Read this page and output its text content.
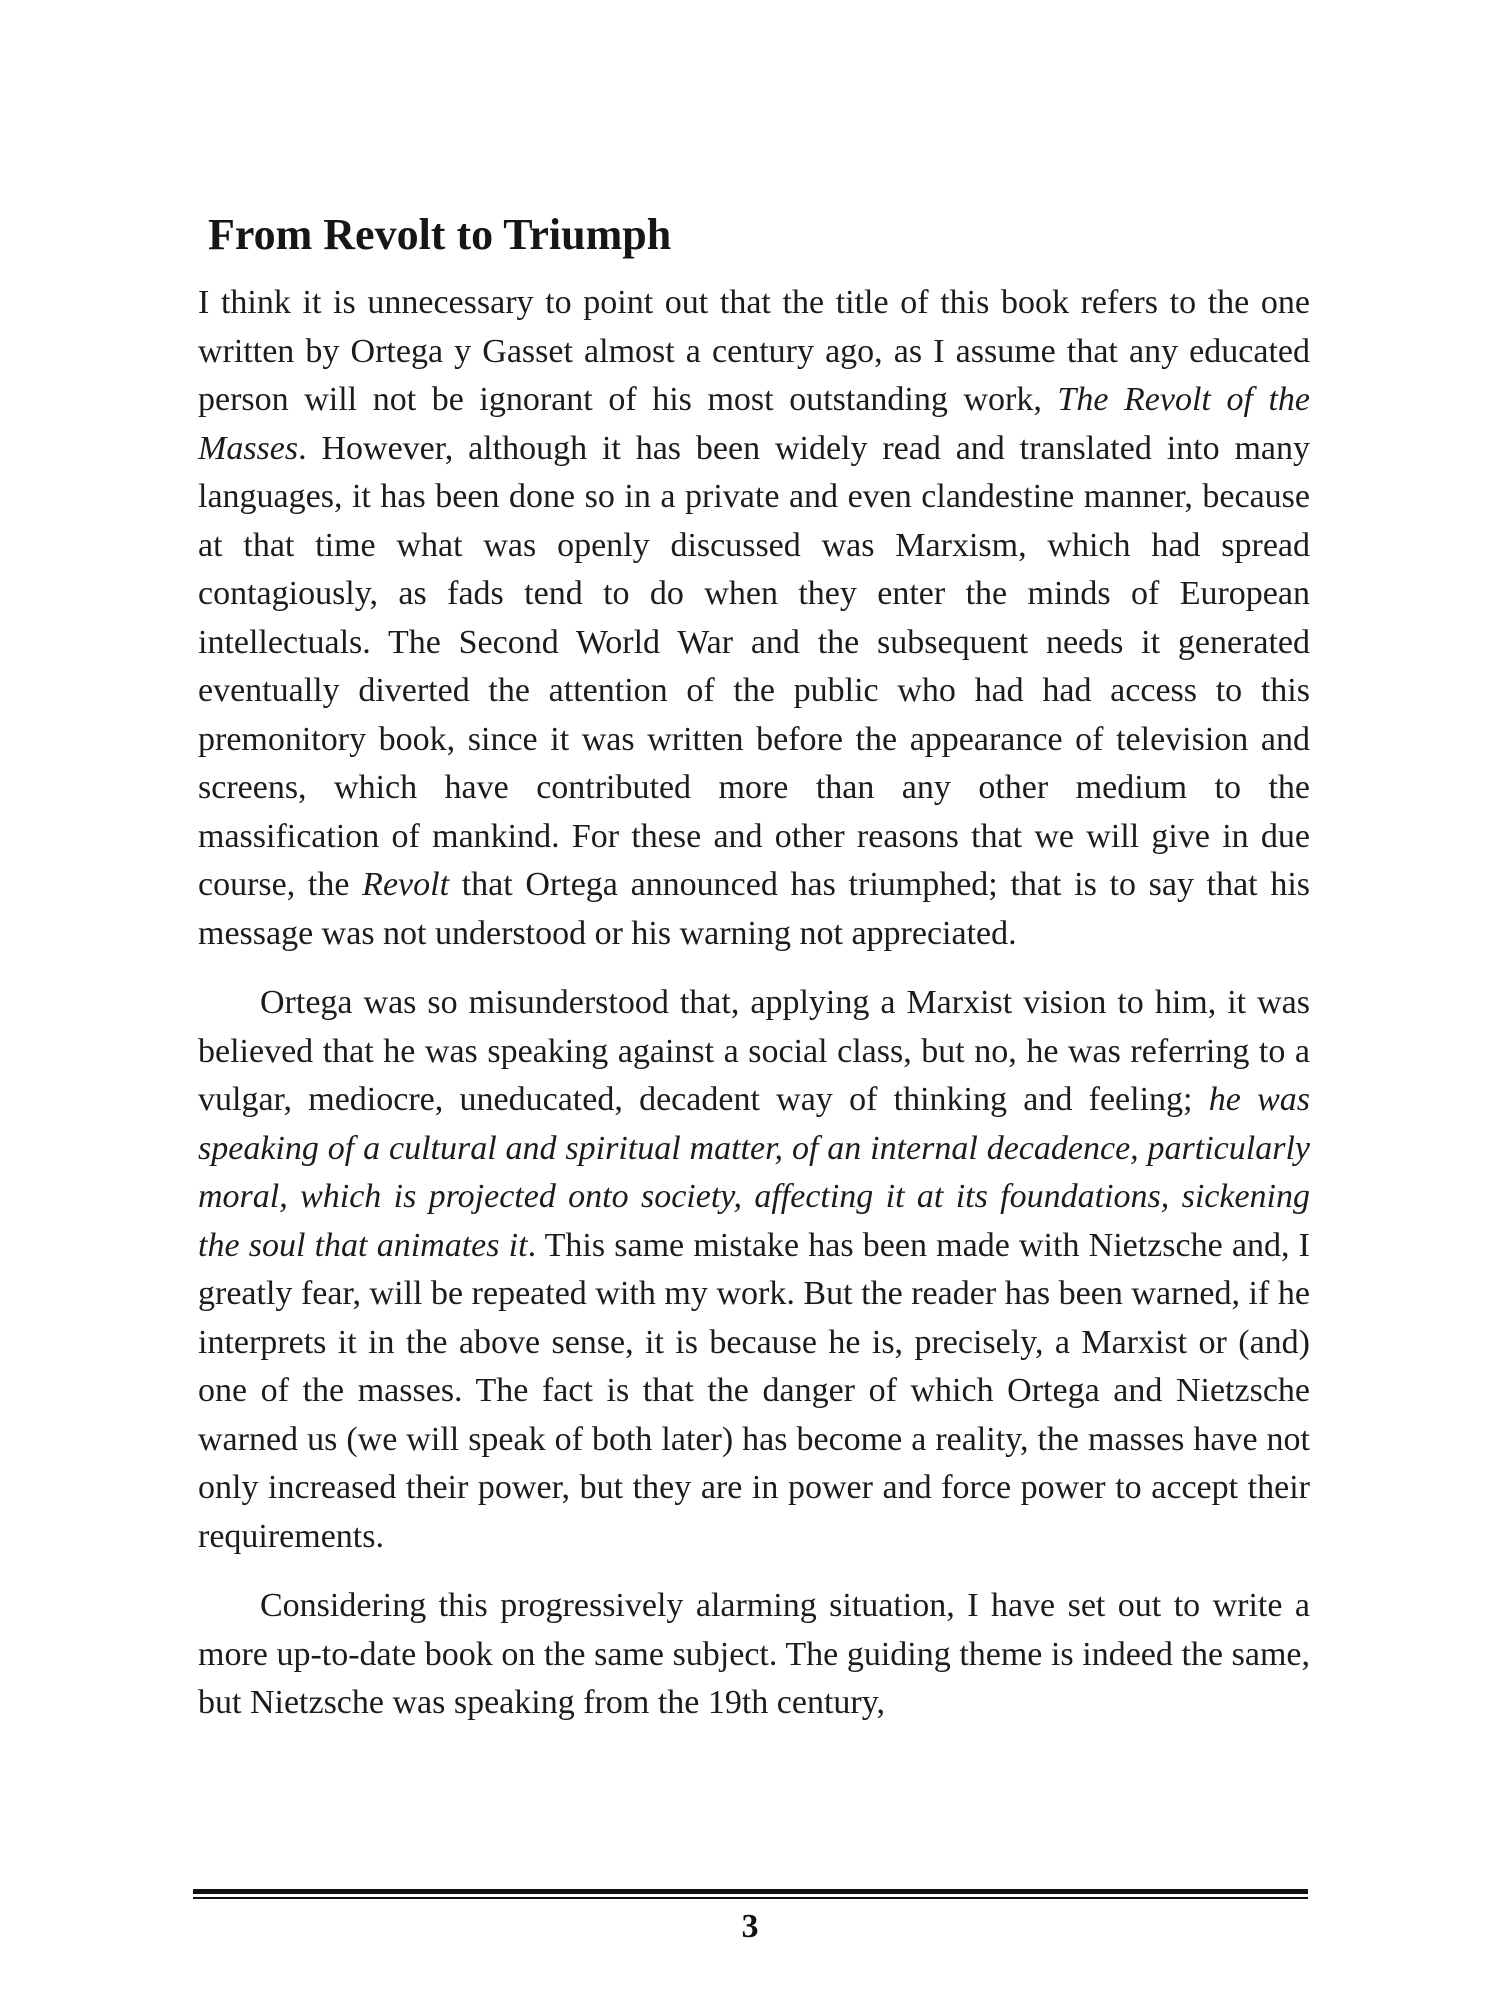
From Revolt to Triumph

I think it is unnecessary to point out that the title of this book refers to the one written by Ortega y Gasset almost a century ago, as I assume that any educated person will not be ignorant of his most outstanding work, The Revolt of the Masses. However, although it has been widely read and translated into many languages, it has been done so in a private and even clandestine manner, because at that time what was openly discussed was Marxism, which had spread contagiously, as fads tend to do when they enter the minds of European intellectuals. The Second World War and the subsequent needs it generated eventually diverted the attention of the public who had had access to this premonitory book, since it was written before the appearance of television and screens, which have contributed more than any other medium to the massification of mankind. For these and other reasons that we will give in due course, the Revolt that Ortega announced has triumphed; that is to say that his message was not understood or his warning not appreciated.

Ortega was so misunderstood that, applying a Marxist vision to him, it was believed that he was speaking against a social class, but no, he was referring to a vulgar, mediocre, uneducated, decadent way of thinking and feeling; he was speaking of a cultural and spiritual matter, of an internal decadence, particularly moral, which is projected onto society, affecting it at its foundations, sickening the soul that animates it. This same mistake has been made with Nietzsche and, I greatly fear, will be repeated with my work. But the reader has been warned, if he interprets it in the above sense, it is because he is, precisely, a Marxist or (and) one of the masses. The fact is that the danger of which Ortega and Nietzsche warned us (we will speak of both later) has become a reality, the masses have not only increased their power, but they are in power and force power to accept their requirements.

Considering this progressively alarming situation, I have set out to write a more up-to-date book on the same subject. The guiding theme is indeed the same, but Nietzsche was speaking from the 19th century,

3
